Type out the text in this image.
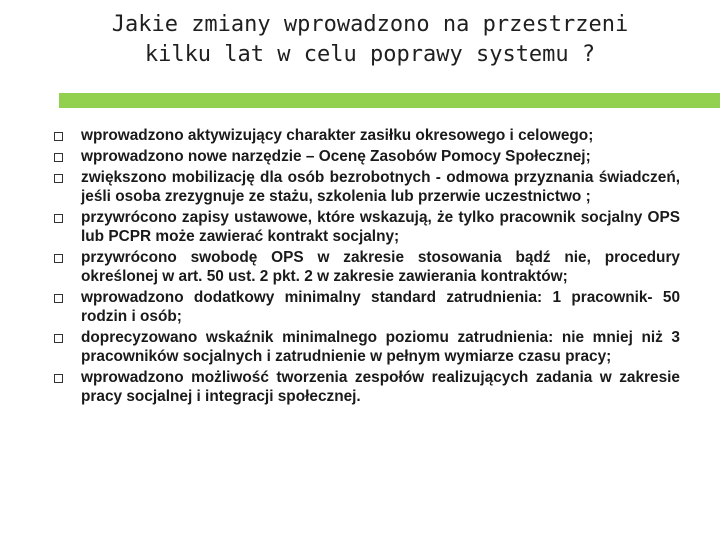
Jakie zmiany wprowadzono na przestrzeni
kilku lat w celu poprawy systemu ?
wprowadzono aktywizujący charakter zasiłku okresowego i celowego;
wprowadzono nowe narzędzie – Ocenę Zasobów Pomocy Społecznej;
zwiększono mobilizację dla osób bezrobotnych - odmowa przyznania świadczeń, jeśli osoba zrezygnuje ze stażu, szkolenia lub przerwie uczestnictwo ;
przywrócono zapisy ustawowe, które wskazują, że tylko pracownik socjalny OPS lub PCPR może zawierać kontrakt socjalny;
przywrócono swobodę OPS w zakresie stosowania bądź nie, procedury określonej w art. 50 ust. 2 pkt. 2 w zakresie zawierania kontraktów;
wprowadzono dodatkowy minimalny standard zatrudnienia: 1 pracownik- 50 rodzin i osób;
doprecyzowano wskaźnik minimalnego poziomu zatrudnienia: nie mniej niż 3 pracowników socjalnych i zatrudnienie w pełnym wymiarze czasu pracy;
wprowadzono możliwość tworzenia zespołów realizujących zadania w zakresie pracy socjalnej i integracji społecznej.
